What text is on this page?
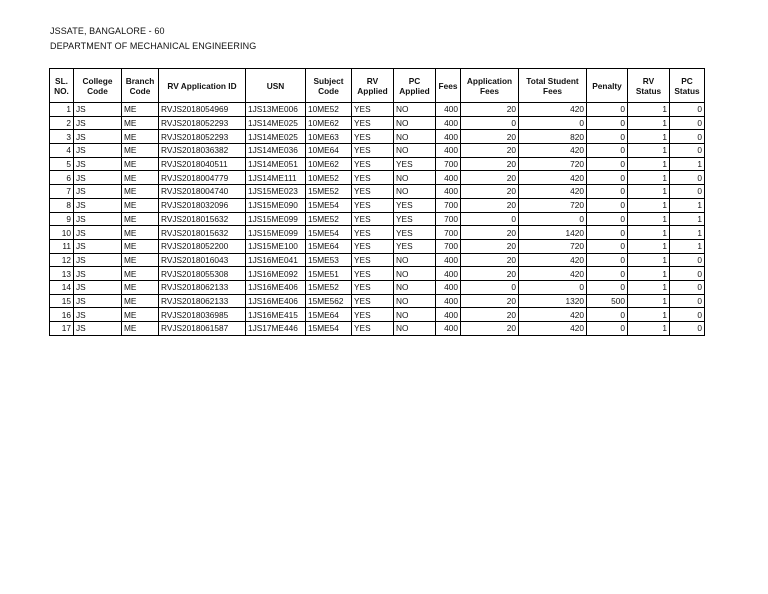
JSSATE, BANGALORE - 60
DEPARTMENT OF MECHANICAL ENGINEERING
SL. NO.	College Code	Branch Code	RV Application ID	USN	Subject Code	RV Applied	PC Applied	Fees	Application Fees	Total Student Fees	Penalty	RV Status	PC Status
1	JS	ME	RVJS2018054969	1JS13ME006	10ME52	YES	NO	400	20	420	0	1	0
2	JS	ME	RVJS2018052293	1JS14ME025	10ME62	YES	NO	400	0	0	0	1	0
3	JS	ME	RVJS2018052293	1JS14ME025	10ME63	YES	NO	400	20	820	0	1	0
4	JS	ME	RVJS2018036382	1JS14ME036	10ME64	YES	NO	400	20	420	0	1	0
5	JS	ME	RVJS2018040511	1JS14ME051	10ME62	YES	YES	700	20	720	0	1	1
6	JS	ME	RVJS2018004779	1JS14ME111	10ME52	YES	NO	400	20	420	0	1	0
7	JS	ME	RVJS2018004740	1JS15ME023	15ME52	YES	NO	400	20	420	0	1	0
8	JS	ME	RVJS2018032096	1JS15ME090	15ME54	YES	YES	700	20	720	0	1	1
9	JS	ME	RVJS2018015632	1JS15ME099	15ME52	YES	YES	700	0	0	0	1	1
10	JS	ME	RVJS2018015632	1JS15ME099	15ME54	YES	YES	700	20	1420	0	1	1
11	JS	ME	RVJS2018052200	1JS15ME100	15ME64	YES	YES	700	20	720	0	1	1
12	JS	ME	RVJS2018016043	1JS16ME041	15ME53	YES	NO	400	20	420	0	1	0
13	JS	ME	RVJS2018055308	1JS16ME092	15ME51	YES	NO	400	20	420	0	1	0
14	JS	ME	RVJS2018062133	1JS16ME406	15ME52	YES	NO	400	0	0	0	1	0
15	JS	ME	RVJS2018062133	1JS16ME406	15ME562	YES	NO	400	20	1320	500	1	0
16	JS	ME	RVJS2018036985	1JS16ME415	15ME64	YES	NO	400	20	420	0	1	0
17	JS	ME	RVJS2018061587	1JS17ME446	15ME54	YES	NO	400	20	420	0	1	0
